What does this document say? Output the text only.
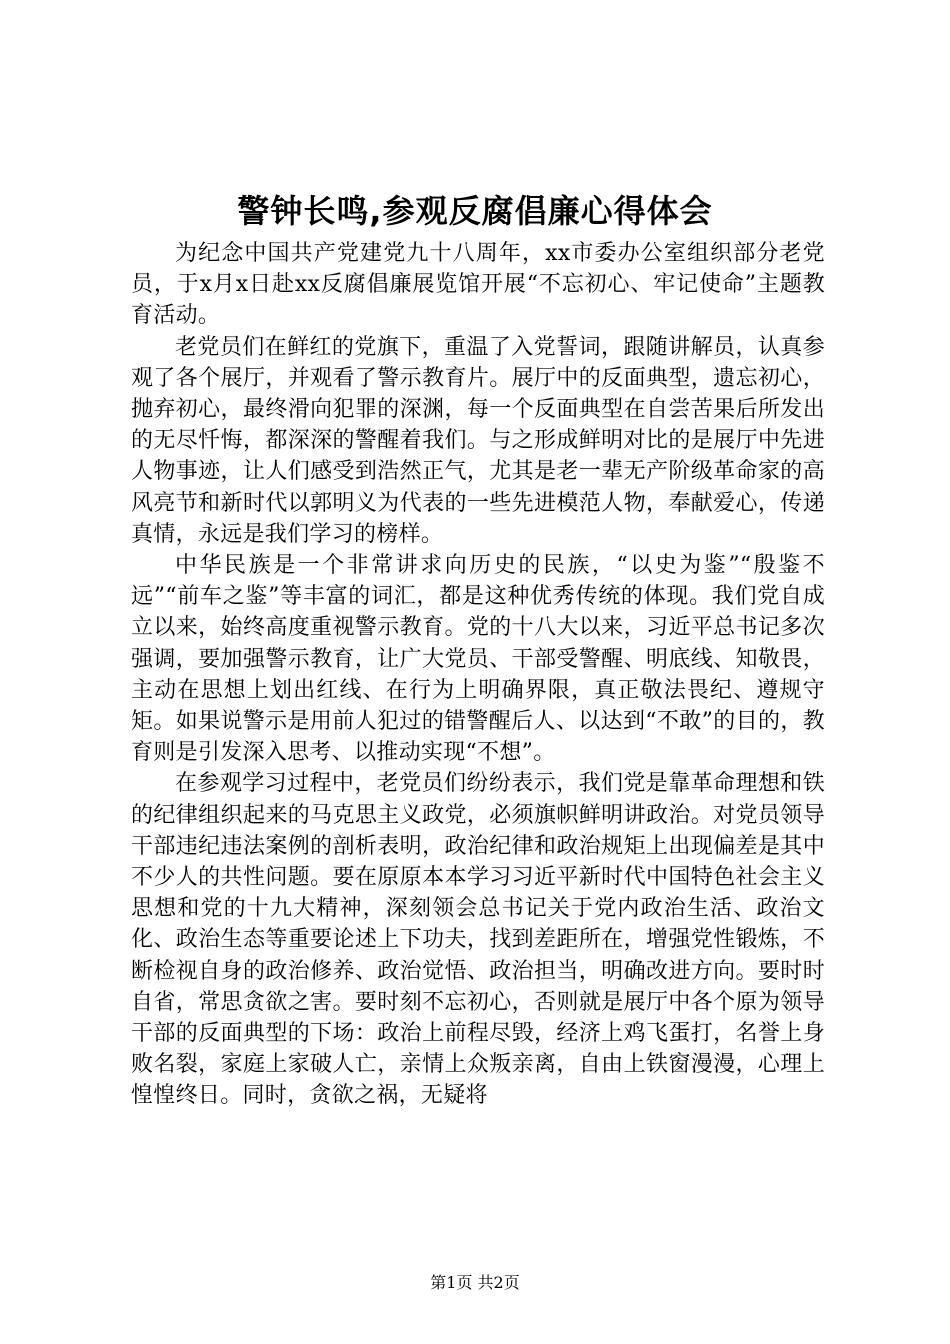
警钟长鸣,参观反腐倡廉心得体会

为纪念中国共产党建党九十八周年，xx市委办公室组织部分老党员，于x月x日赴xx反腐倡廉展览馆开展“不忘初心、牢记使命”主题教育活动。

老党员们在鲜红的党旗下，重温了入党誓词，跟随讲解员，认真参观了各个展厅，并观看了警示教育片。展厅中的反面典型，遗忘初心，抛弃初心，最终滑向犯罪的深渊，每一个反面典型在自尝苦果后所发出的无尽忏悔，都深深的警醒着我们。与之形成鲜明对比的是展厅中先进人物事迹，让人们感受到浩然正气，尤其是老一辈无产阶级革命家的高风亮节和新时代以郭明义为代表的一些先进模范人物，奉献爱心，传递真情，永远是我们学习的榜样。

中华民族是一个非常讲求向历史的民族，“以史为鉴”“殷鉴不远”“前车之鉴”等丰富的词汇，都是这种优秀传统的体现。我们党自成立以来，始终高度重视警示教育。党的十八大以来，习近平总书记多次强调，要加强警示教育，让广大党员、干部受警醒、明底线、知敬畏，主动在思想上划出红线、在行为上明确界限，真正敬法畏纪、遵规守矩。如果说警示是用前人犯过的错警醒后人、以达到“不敢”的目的，教育则是引发深入思考、以推动实现“不想”。

在参观学习过程中，老党员们纷纷表示，我们党是靠革命理想和铁的纪律组织起来的马克思主义政党，必须旗帜鲜明讲政治。对党员领导干部违纪违法案例的剖析表明，政治纪律和政治规矩上出现偏差是其中不少人的共性问题。要在原原本本学习习近平新时代中国特色社会主义思想和党的十九大精神，深刻领会总书记关于党内政治生活、政治文化、政治生态等重要论述上下功夫，找到差距所在，增强党性锻炼，不断检视自身的政治修养、政治觉悟、政治担当，明确改进方向。要时时自省，常思贪欲之害。要时刻不忘初心，否则就是展厅中各个原为领导干部的反面典型的下场：政治上前程尽毁，经济上鸡飞蛋打，名誉上身败名裂，家庭上家破人亡，亲情上众叛亲离，自由上铁窗漫漫，心理上惶惶终日。同时，贪欲之祸，无疑将

第1页 共2页
